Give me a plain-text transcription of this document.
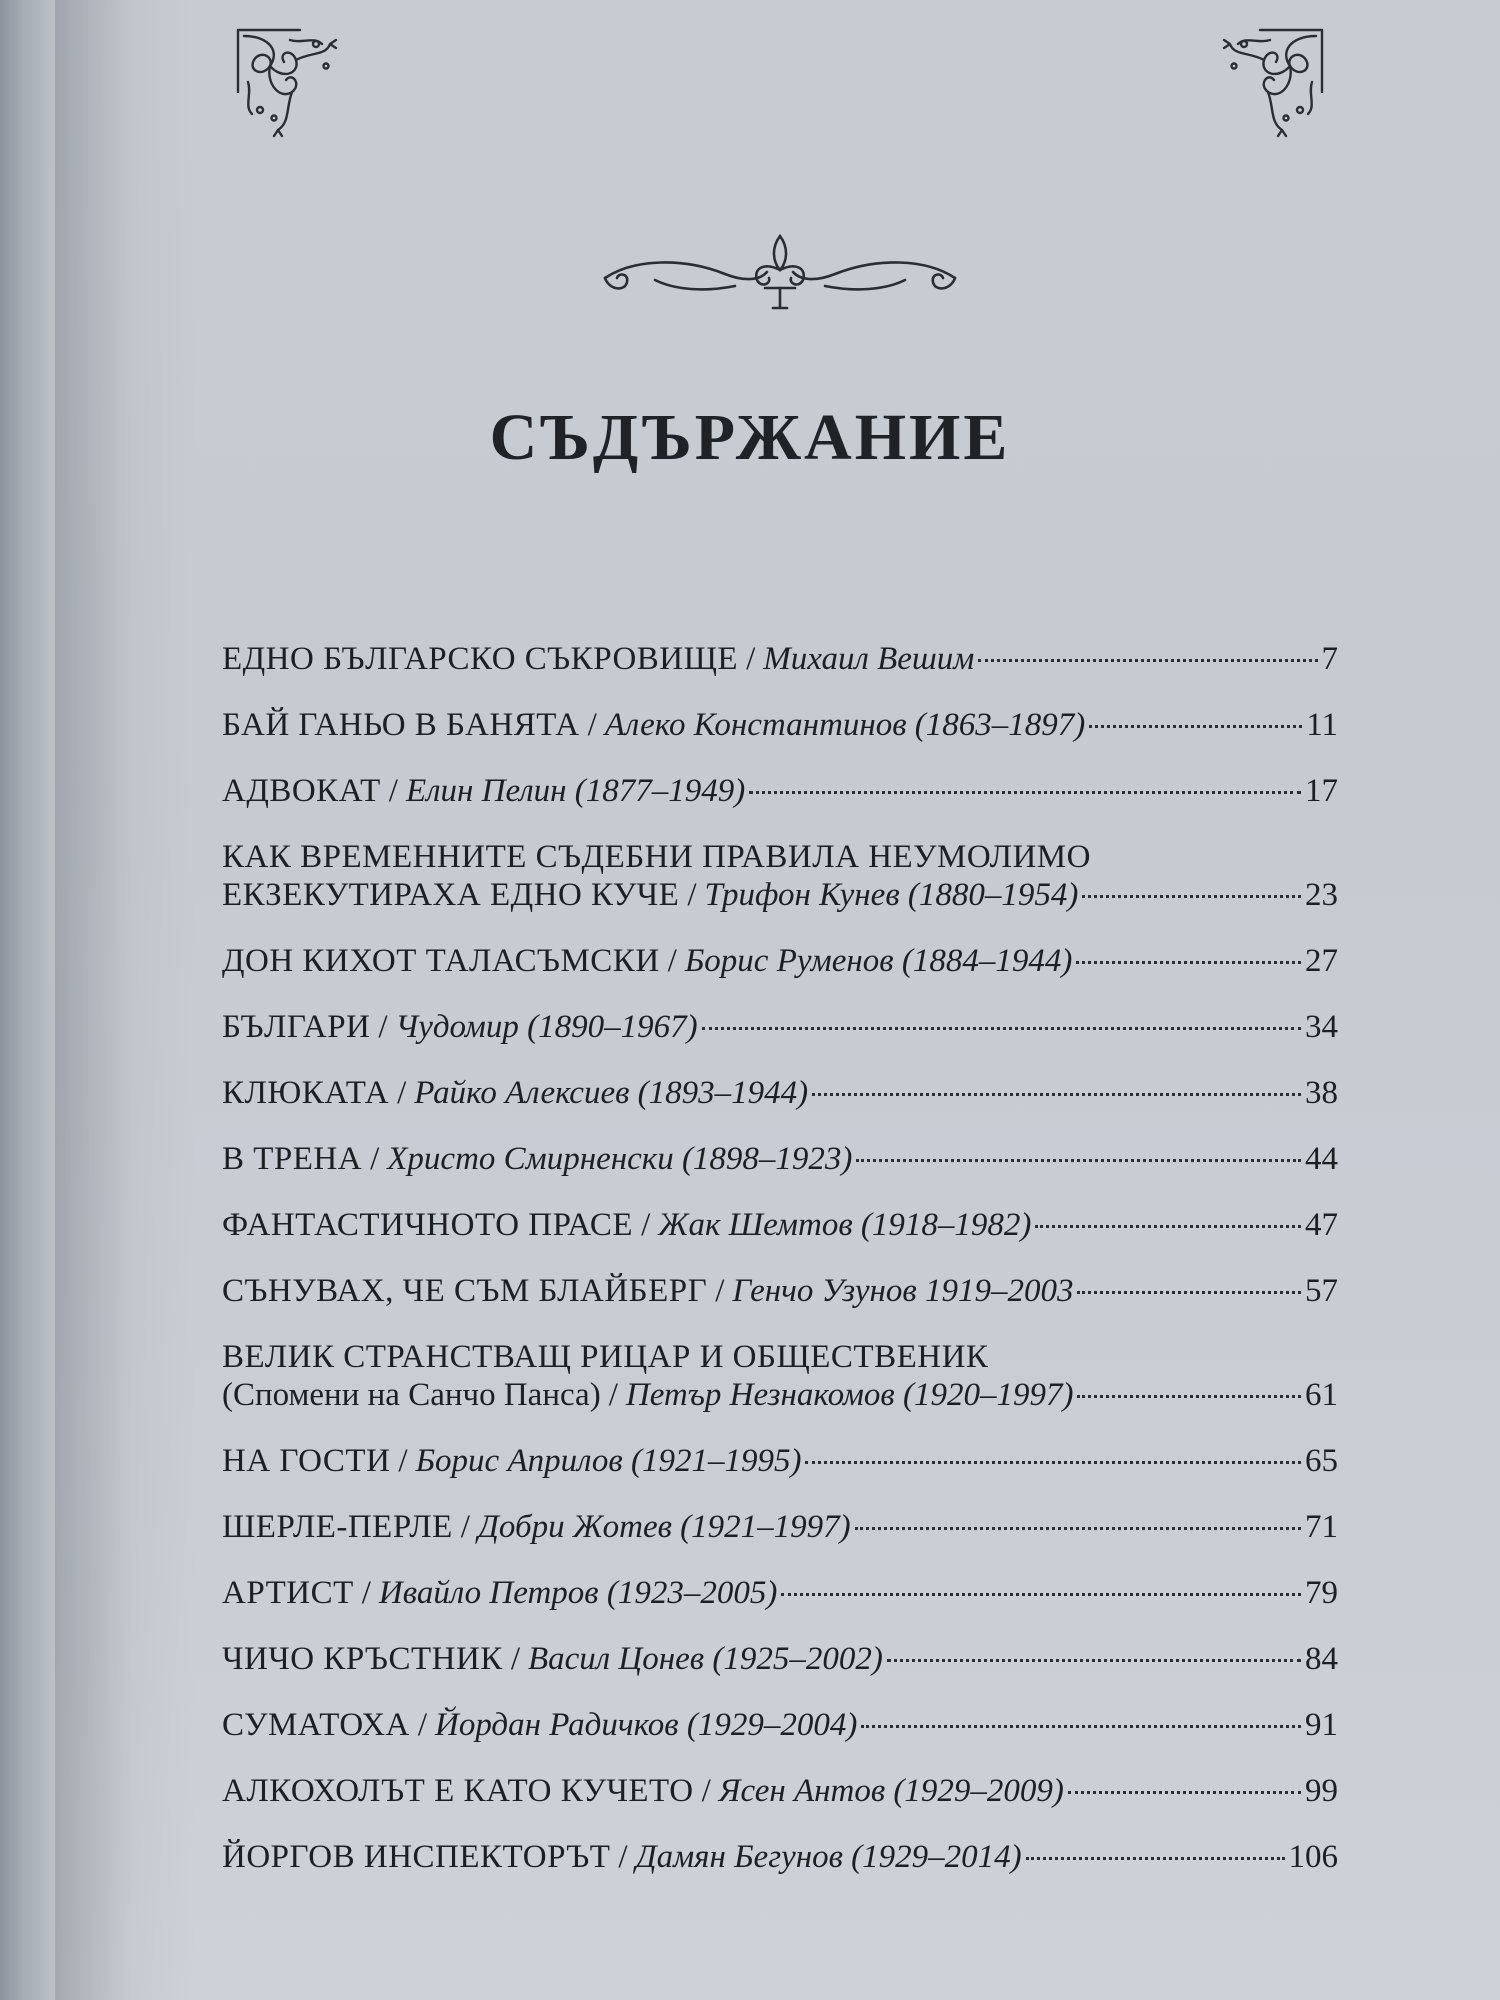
СЪДЪРЖАНИЕ
ЕДНО БЪЛГАРСКО СЪКРОВИЩЕ / Михаил Вешим	7
БАЙ ГАНЬО В БАНЯТА / Алеко Константинов (1863–1897)	11
АДВОКАТ / Елин Пелин (1877–1949)	17
КАК ВРЕМЕННИТЕ СЪДЕБНИ ПРАВИЛА НЕУМОЛИМО
ЕКЗЕКУТИРАХА ЕДНО КУЧЕ / Трифон Кунев (1880–1954)	23
ДОН КИХОТ ТАЛАСЪМСКИ / Борис Руменов (1884–1944)	27
БЪЛГАРИ / Чудомир (1890–1967)	34
КЛЮКАТА / Райко Алексиев (1893–1944)	38
В ТРЕНА / Христо Смирненски (1898–1923)	44
ФАНТАСТИЧНОТО ПРАСЕ / Жак Шемтов (1918–1982)	47
СЪНУВАХ, ЧЕ СЪМ БЛАЙБЕРГ / Генчо Узунов 1919–2003	57
ВЕЛИК СТРАНСТВАЩ РИЦАР И ОБЩЕСТВЕНИК
(Спомени на Санчо Панса) / Петър Незнакомов (1920–1997)	61
НА ГОСТИ / Борис Априлов (1921–1995)	65
ШЕРЛЕ-ПЕРЛЕ / Добри Жотев (1921–1997)	71
АРТИСТ / Ивайло Петров (1923–2005)	79
ЧИЧО КРЪСТНИК / Васил Цонев (1925–2002)	84
СУМАТОХА / Йордан Радичков (1929–2004)	91
АЛКОХОЛЪТ Е КАТО КУЧЕТО / Ясен Антов (1929–2009)	99
ЙОРГОВ ИНСПЕКТОРЪТ / Дамян Бегунов (1929–2014)	106
